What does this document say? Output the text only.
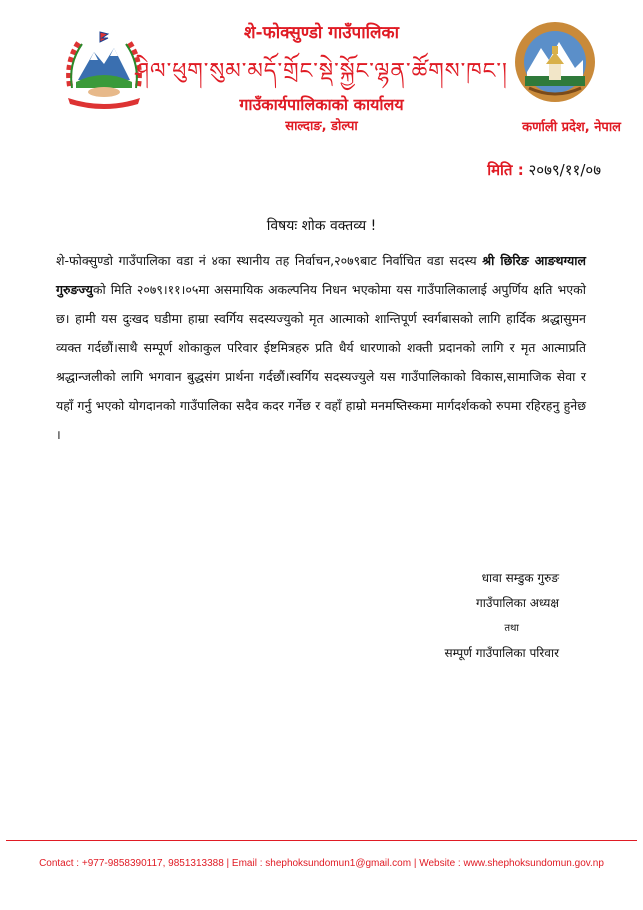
शे-फोक्सुण्डो गाउँपालिका
ཤེལ་ཕུག་སུམ་མདོ་གྲོང་སྡེ་སྐྱོང་ལྷན་ཚོགས་ཁང་།
गाउँकार्यपालिकाको कार्यालय
साल्दाङ, डोल्पा	कर्णाली प्रदेश, नेपाल
मिति : २०७९/११/०७
विषयः शोक वक्तव्य !
शे-फोक्सुण्डो गाउँपालिका वडा नं ४का स्थानीय तह निर्वाचन,२०७९बाट निर्वाचित वडा सदस्य श्री छिरिङ आङथग्याल गुरुङज्युको मिति २०७९।११।०५मा असमायिक अकल्पनिय निधन भएकोमा यस गाउँपालिकालाई अपुर्णिय क्षति भएको छ। हामी यस दुःखद घडीमा हाम्रा स्वर्गिय सदस्यज्युको मृत आत्माको शान्तिपूर्ण स्वर्गबासको लागि हार्दिक श्रद्धासुमन व्यक्त गर्दछौं।साथै सम्पूर्ण शोकाकुल परिवार ईष्टमित्रहरु प्रति धैर्य धारणाको शक्ती प्रदानको लागि र मृत आत्माप्रति श्रद्धान्जलीको लागि भगवान बुद्धसंग प्रार्थना गर्दछौं।स्वर्गिय सदस्यज्युले यस गाउँपालिकाको विकास,सामाजिक सेवा र यहाँ गर्नु भएको योगदानको गाउँपालिका सदैव कदर गर्नेछ र वहाँ हाम्रो मनमष्तिस्कमा मार्गदर्शकको रुपमा रहिरहनु हुनेछ ।
धावा सम्डुक गुरुङ
गाउँपालिका अध्यक्ष
तथा
सम्पूर्ण गाउँपालिका परिवार
Contact : +977-9858390117, 9851313388 | Email : shephoksundomun1@gmail.com | Website : www.shephoksundomun.gov.np
